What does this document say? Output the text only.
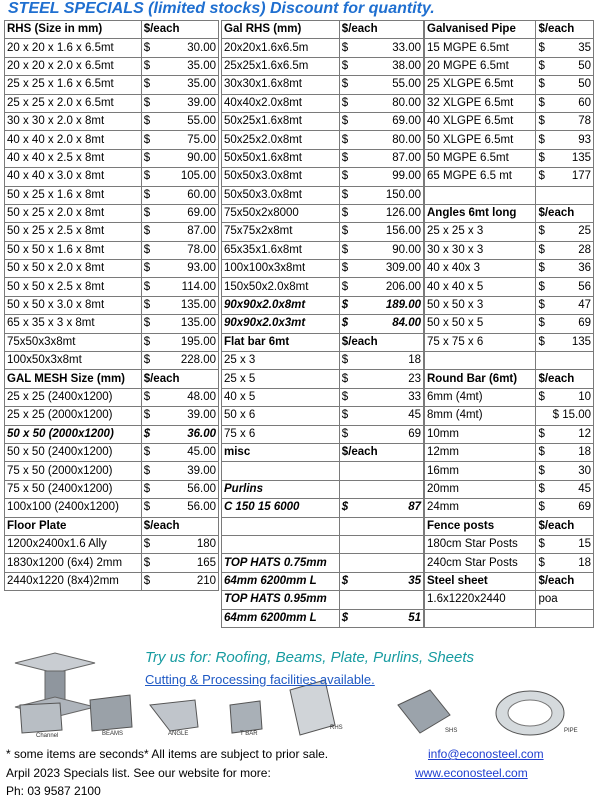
STEEL SPECIALS (limited stocks) Discount for quantity.
RHS (Size in mm)	$/each
20 x 20 x 1.6 x 6.5mt	$ 30.00
20 x 20 x 2.0 x 6.5mt	$ 35.00
25 x 25 x 1.6 x 6.5mt	$ 35.00
25 x 25 x 2.0 x 6.5mt	$ 39.00
30 x 30 x 2.0 x 8mt	$ 55.00
40 x 40 x 2.0 x 8mt	$ 75.00
40 x 40 x 2.5 x 8mt	$ 90.00
40 x 40 x 3.0 x 8mt	$ 105.00
50 x 25 x 1.6 x 8mt	$ 60.00
50 x 25 x 2.0 x 8mt	$ 69.00
50 x 25 x 2.5 x 8mt	$ 87.00
50 x 50 x 1.6 x 8mt	$ 78.00
50 x 50 x 2.0 x 8mt	$ 93.00
50 x 50 x 2.5 x 8mt	$ 114.00
50 x 50 x 3.0 x 8mt	$ 135.00
65 x 35 x 3 x 8mt	$ 135.00
75x50x3x8mt	$ 195.00
100x50x3x8mt	$ 228.00
GAL MESH Size (mm)	$/each
25 x 25 (2400x1200)	$ 48.00
25 x 25 (2000x1200)	$ 39.00
50 x 50 (2000x1200)	$ 36.00
50 x 50 (2400x1200)	$ 45.00
75 x 50 (2000x1200)	$ 39.00
75 x 50 (2400x1200)	$ 56.00
100x100 (2400x1200)	$ 56.00
Floor Plate	$/each
1200x2400x1.6 Ally	$ 180
1830x1200 (6x4) 2mm	$ 165
2440x1220 (8x4)2mm	$ 210
Gal RHS (mm)	$/each
20x20x1.6x6.5m	$ 33.00
25x25x1.6x6.5m	$ 38.00
30x30x1.6x8mt	$ 55.00
40x40x2.0x8mt	$ 80.00
50x25x1.6x8mt	$ 69.00
50x25x2.0x8mt	$ 80.00
50x50x1.6x8mt	$ 87.00
50x50x3.0x8mt	$ 99.00
50x50x3.0x8mt	$ 150.00
75x50x2x8000	$ 126.00
75x75x2x8mt	$ 156.00
65x35x1.6x8mt	$ 90.00
100x100x3x8mt	$ 309.00
150x50x2.0x8mt	$ 206.00
90x90x2.0x8mt	$ 189.00
90x90x2.0x3mt	$ 84.00
Flat bar 6mt	$/each
25 x 3	$ 18
25 x 5	$ 23
40 x 5	$ 33
50 x 6	$ 45
75 x 6	$ 69
misc	$/each

Purlins	
C 150 15 6000	$ 87

TOP HATS 0.75mm	
64mm 6200mm L	$ 35
TOP HATS 0.95mm	
64mm 6200mm L	$ 51
Galvanised Pipe	$/each
15 MGPE 6.5mt	$ 35
20 MGPE 6.5mt	$ 50
25 XLGPE 6.5mt	$ 50
32 XLGPE 6.5mt	$ 60
40 XLGPE 6.5mt	$ 78
50 XLGPE 6.5mt	$ 93
50 MGPE 6.5mt	$ 135
65 MGPE 6.5 mt	$ 177

Angles 6mt long	$/each
25 x 25 x 3	$ 25
30 x 30 x 3	$ 28
40 x 40x 3	$ 36
40 x 40 x 5	$ 56
50 x 50 x 3	$ 47
50 x 50 x 5	$ 69
75 x 75 x 6	$ 135

Round Bar (6mt)	$/each
6mm (4mt)	$ 10
8mm (4mt)	$ 15.00
10mm	$ 12
12mm	$ 18
16mm	$ 30
20mm	$ 45
24mm	$ 69
Fence posts	$/each
180cm Star Posts	$ 15
240cm Star Posts	$ 18
Steel sheet	$/each
1.6x1220x2440	poa

Channel	BEAMS	ANGLE	T BAR
RHS	SHS	PIPE
Try us for: Roofing, Beams, Plate, Purlins, Sheets
Cutting & Processing facilities available.
* some items are seconds* All items are subject to prior sale.
Arpil 2023 Specials list. See our website for more:
Ph: 03 9587 2100
info@econosteel.com
www.econosteel.com
